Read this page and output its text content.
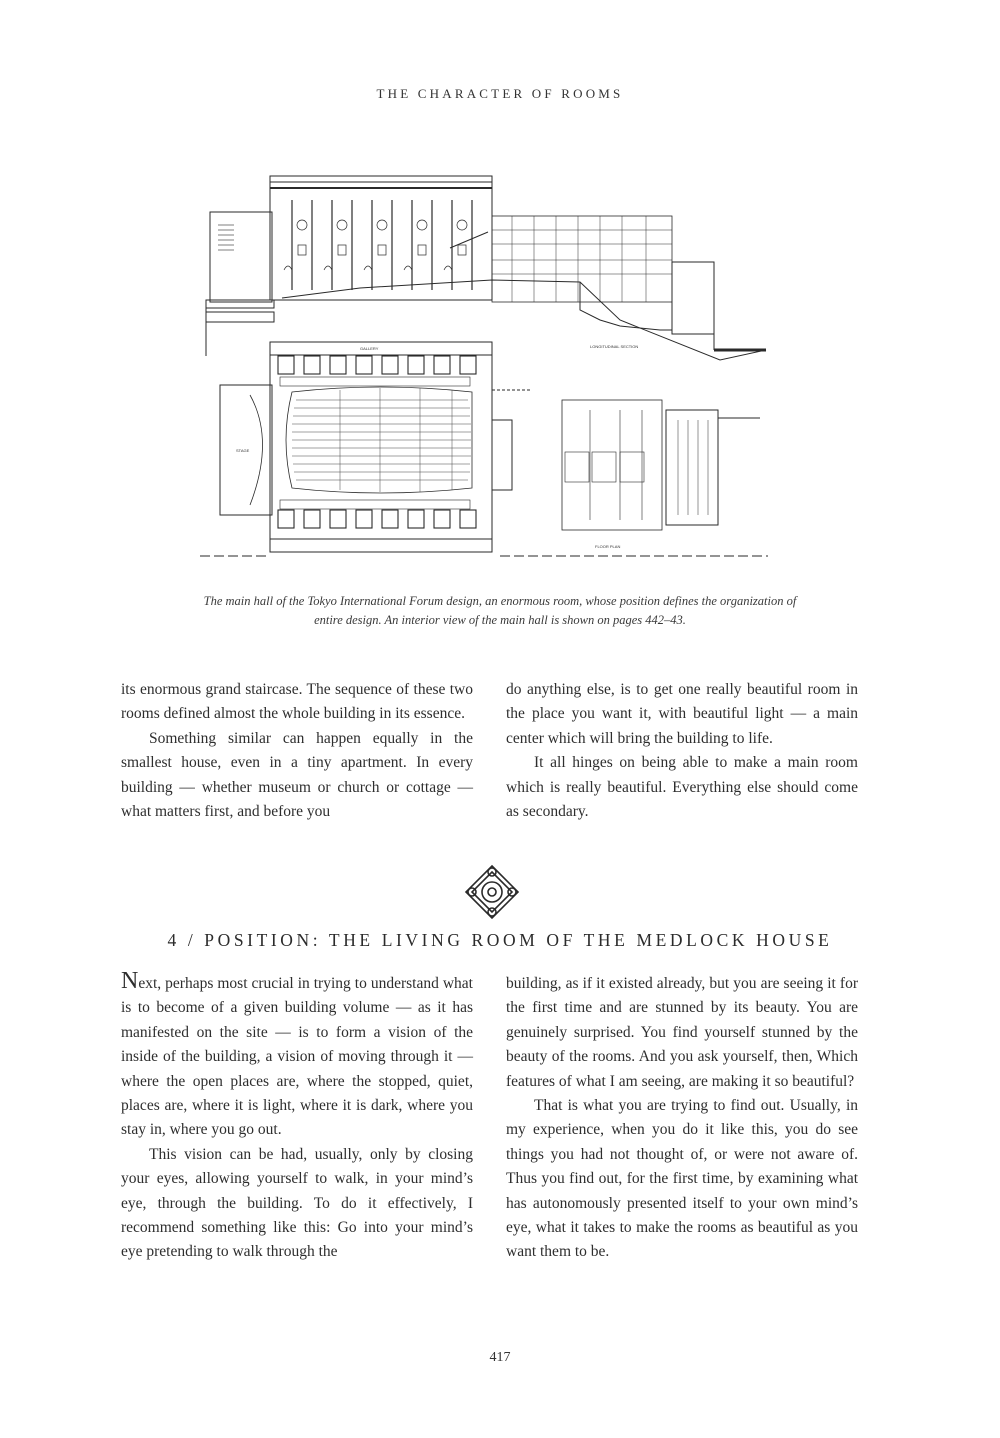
THE CHARACTER OF ROOMS
LONGITUDINAL SECTION
GALLERY
STAGE
FLOOR PLAN
The main hall of the Tokyo International Forum design, an enormous room, whose position defines the organization of
entire design. An interior view of the main hall is shown on pages 442–43.

its enormous grand staircase. The sequence of these two rooms defined almost the whole building in its essence.

Something similar can happen equally in the smallest house, even in a tiny apartment. In every building — whether museum or church or cottage — what matters first, and before you

do anything else, is to get one really beautiful room in the place you want it, with beautiful light — a main center which will bring the building to life.

It all hinges on being able to make a main room which is really beautiful. Everything else should come as secondary.

4 / POSITION: THE LIVING ROOM OF THE MEDLOCK HOUSE

Next, perhaps most crucial in trying to understand what is to become of a given building volume — as it has manifested on the site — is to form a vision of the inside of the building, a vision of moving through it — where the open places are, where the stopped, quiet, places are, where it is light, where it is dark, where you stay in, where you go out.

This vision can be had, usually, only by closing your eyes, allowing yourself to walk, in your mind’s eye, through the building. To do it effectively, I recommend something like this: Go into your mind’s eye pretending to walk through the

building, as if it existed already, but you are seeing it for the first time and are stunned by its beauty. You are genuinely surprised. You find yourself stunned by the beauty of the rooms. And you ask yourself, then, Which features of what I am seeing, are making it so beautiful?

That is what you are trying to find out. Usually, in my experience, when you do it like this, you do see things you had not thought of, or were not aware of. Thus you find out, for the first time, by examining what has autonomously presented itself to your own mind’s eye, what it takes to make the rooms as beautiful as you want them to be.

417
